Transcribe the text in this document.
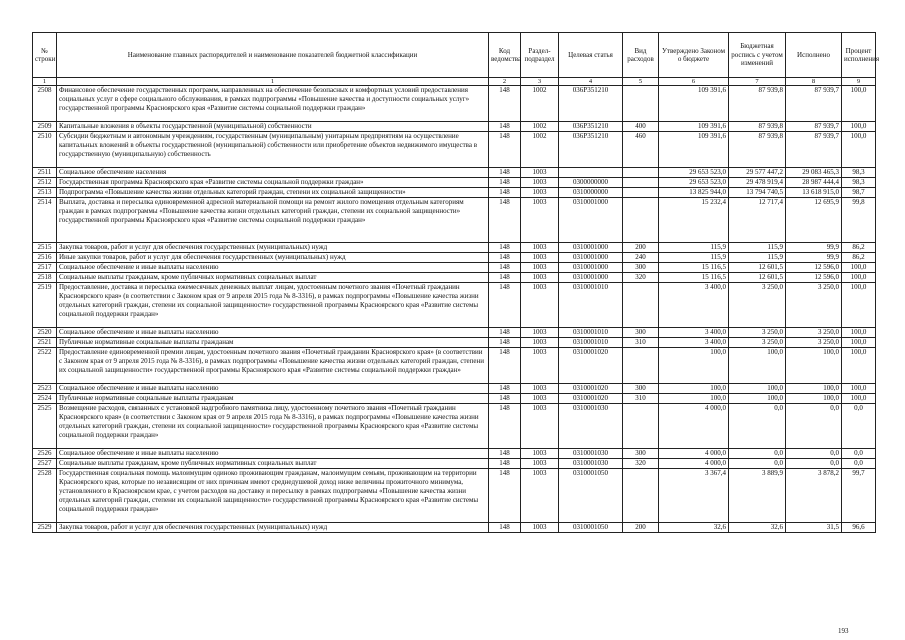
№ строки	Наименование главных распорядителей и наименование показателей бюджетной классификации	Код ведомства	Раздел-подраздел	Целевая статья	Вид расходов	Утверждено Законом о бюджете	Бюджетная роспись с учетом изменений	Исполнено	Процент исполнения
1	1	2	3	4	5	6	7	8	9
2508	Финансовое обеспечение государственных программ, направленных на обеспечение безопасных и комфортных условий предоставления социальных услуг в сфере социального обслуживания, в рамках подпрограммы «Повышение качества и доступности социальных услуг» государственной программы Красноярского края «Развитие системы социальной поддержки граждан»	148	1002	036Р351210		109 391,6	87 939,8	87 939,7	100,0
2509	Капитальные вложения в объекты государственной (муниципальной) собственности	148	1002	036Р351210	400	109 391,6	87 939,8	87 939,7	100,0
2510	Субсидии бюджетным и автономным учреждениям, государственным (муниципальным) унитарным предприятиям на осуществление капитальных вложений в объекты государственной (муниципальной) собственности или приобретение объектов недвижимого имущества в государственную (муниципальную) собственность	148	1002	036Р351210	460	109 391,6	87 939,8	87 939,7	100,0
2511	Социальное обеспечение населения	148	1003			29 653 523,0	29 577 447,2	29 083 465,3	98,3
2512	Государственная программа Красноярского края «Развитие системы социальной поддержки граждан»	148	1003	0300000000		29 653 523,0	29 478 919,4	28 987 444,4	98,3
2513	Подпрограмма «Повышение качества жизни отдельных категорий граждан, степени их социальной защищенности»	148	1003	0310000000		13 825 944,0	13 794 740,5	13 618 915,0	98,7
2514	Выплата, доставка и пересылка единовременной адресной материальной помощи на ремонт жилого помещения отдельным категориям граждан в рамках подпрограммы «Повышение качества жизни отдельных категорий граждан, степени их социальной защищенности» государственной программы Красноярского края «Развитие системы социальной поддержки граждан»	148	1003	0310001000		15 232,4	12 717,4	12 695,9	99,8
2515	Закупка товаров, работ и услуг для обеспечения государственных (муниципальных) нужд	148	1003	0310001000	200	115,9	115,9	99,9	86,2
2516	Иные закупки товаров, работ и услуг для обеспечения государственных (муниципальных) нужд	148	1003	0310001000	240	115,9	115,9	99,9	86,2
2517	Социальное обеспечение и иные выплаты населению	148	1003	0310001000	300	15 116,5	12 601,5	12 596,0	100,0
2518	Социальные выплаты гражданам, кроме публичных нормативных социальных выплат	148	1003	0310001000	320	15 116,5	12 601,5	12 596,0	100,0
2519	Предоставление, доставка и пересылка ежемесячных денежных выплат лицам, удостоенным почетного звания «Почетный гражданин Красноярского края» (в соответствии с Законом края от 9 апреля 2015 года № 8-3316), в рамках подпрограммы «Повышение качества жизни отдельных категорий граждан, степени их социальной защищенности» государственной программы Красноярского края «Развитие системы социальной поддержки граждан»	148	1003	0310001010		3 400,0	3 250,0	3 250,0	100,0
2520	Социальное обеспечение и иные выплаты населению	148	1003	0310001010	300	3 400,0	3 250,0	3 250,0	100,0
2521	Публичные нормативные социальные выплаты гражданам	148	1003	0310001010	310	3 400,0	3 250,0	3 250,0	100,0
2522	Предоставление единовременной премии лицам, удостоенным почетного звания «Почетный гражданин Красноярского края» (в соответствии с Законом края от 9 апреля 2015 года № 8-3316), в рамках подпрограммы «Повышение качества жизни отдельных категорий граждан, степени их социальной защищенности» государственной программы Красноярского края «Развитие системы социальной поддержки граждан»	148	1003	0310001020		100,0	100,0	100,0	100,0
2523	Социальное обеспечение и иные выплаты населению	148	1003	0310001020	300	100,0	100,0	100,0	100,0
2524	Публичные нормативные социальные выплаты гражданам	148	1003	0310001020	310	100,0	100,0	100,0	100,0
2525	Возмещение расходов, связанных с установкой надгробного памятника лицу, удостоенному почетного звания «Почетный гражданин Красноярского края» (в соответствии с Законом края от 9 апреля 2015 года № 8-3316), в рамках подпрограммы «Повышение качества жизни отдельных категорий граждан, степени их социальной защищенности» государственной программы Красноярского края «Развитие системы социальной поддержки граждан»	148	1003	0310001030		4 000,0	0,0	0,0	0,0
2526	Социальное обеспечение и иные выплаты населению	148	1003	0310001030	300	4 000,0	0,0	0,0	0,0
2527	Социальные выплаты гражданам, кроме публичных нормативных социальных выплат	148	1003	0310001030	320	4 000,0	0,0	0,0	0,0
2528	Государственная социальная помощь малоимущим одиноко проживающим гражданам, малоимущим семьям, проживающим на территории Красноярского края, которые по независящим от них причинам имеют среднедушевой доход ниже величины прожиточного минимума, установленного в Красноярском крае, с учетом расходов на доставку и пересылку в рамках подпрограммы «Повышение качества жизни отдельных категорий граждан, степени их социальной защищенности» государственной программы Красноярского края «Развитие системы социальной поддержки граждан»	148	1003	0310001050		3 367,4	3 889,9	3 878,2	99,7
2529	Закупка товаров, работ и услуг для обеспечения государственных (муниципальных) нужд	148	1003	0310001050	200	32,6	32,6	31,5	96,6
193
